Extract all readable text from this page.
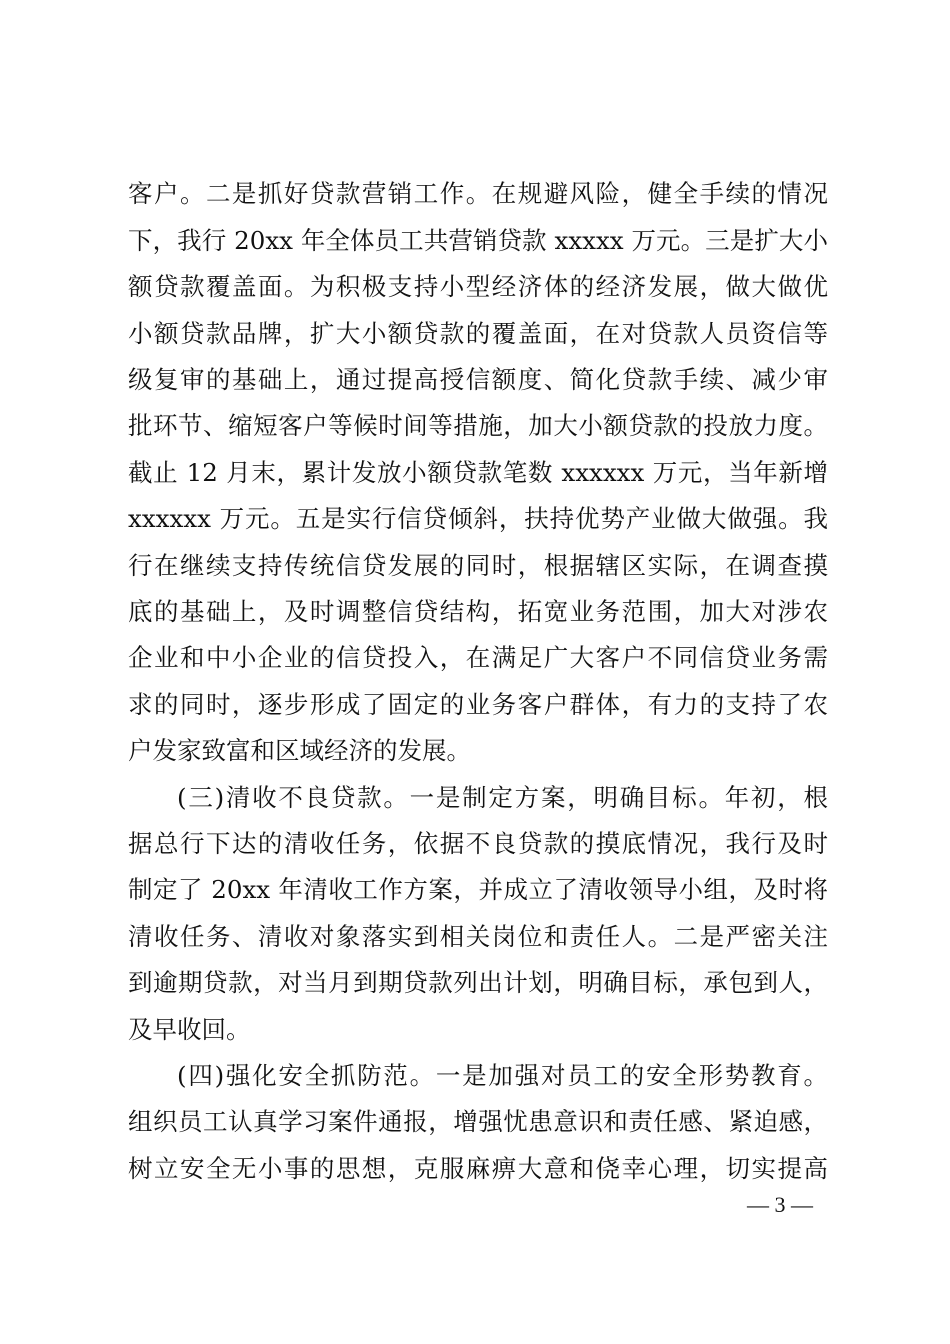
客户。二是抓好贷款营销工作。在规避风险，健全手续的情况
下，我行 20xx 年全体员工共营销贷款 xxxxx 万元。三是扩大小
额贷款覆盖面。为积极支持小型经济体的经济发展，做大做优
小额贷款品牌，扩大小额贷款的覆盖面，在对贷款人员资信等
级复审的基础上，通过提高授信额度、简化贷款手续、减少审
批环节、缩短客户等候时间等措施，加大小额贷款的投放力度。
截止 12 月末，累计发放小额贷款笔数 xxxxxx 万元，当年新增
xxxxxx 万元。五是实行信贷倾斜，扶持优势产业做大做强。我
行在继续支持传统信贷发展的同时，根据辖区实际，在调查摸
底的基础上，及时调整信贷结构，拓宽业务范围，加大对涉农
企业和中小企业的信贷投入，在满足广大客户不同信贷业务需
求的同时，逐步形成了固定的业务客户群体，有力的支持了农
户发家致富和区域经济的发展。
(三)清收不良贷款。一是制定方案，明确目标。年初，根
据总行下达的清收任务，依据不良贷款的摸底情况，我行及时
制定了 20xx 年清收工作方案，并成立了清收领导小组，及时将
清收任务、清收对象落实到相关岗位和责任人。二是严密关注
到逾期贷款，对当月到期贷款列出计划，明确目标，承包到人，
及早收回。
(四)强化安全抓防范。一是加强对员工的安全形势教育。
组织员工认真学习案件通报，增强忧患意识和责任感、紧迫感，
树立安全无小事的思想，克服麻痹大意和侥幸心理，切实提高
— 3 —
